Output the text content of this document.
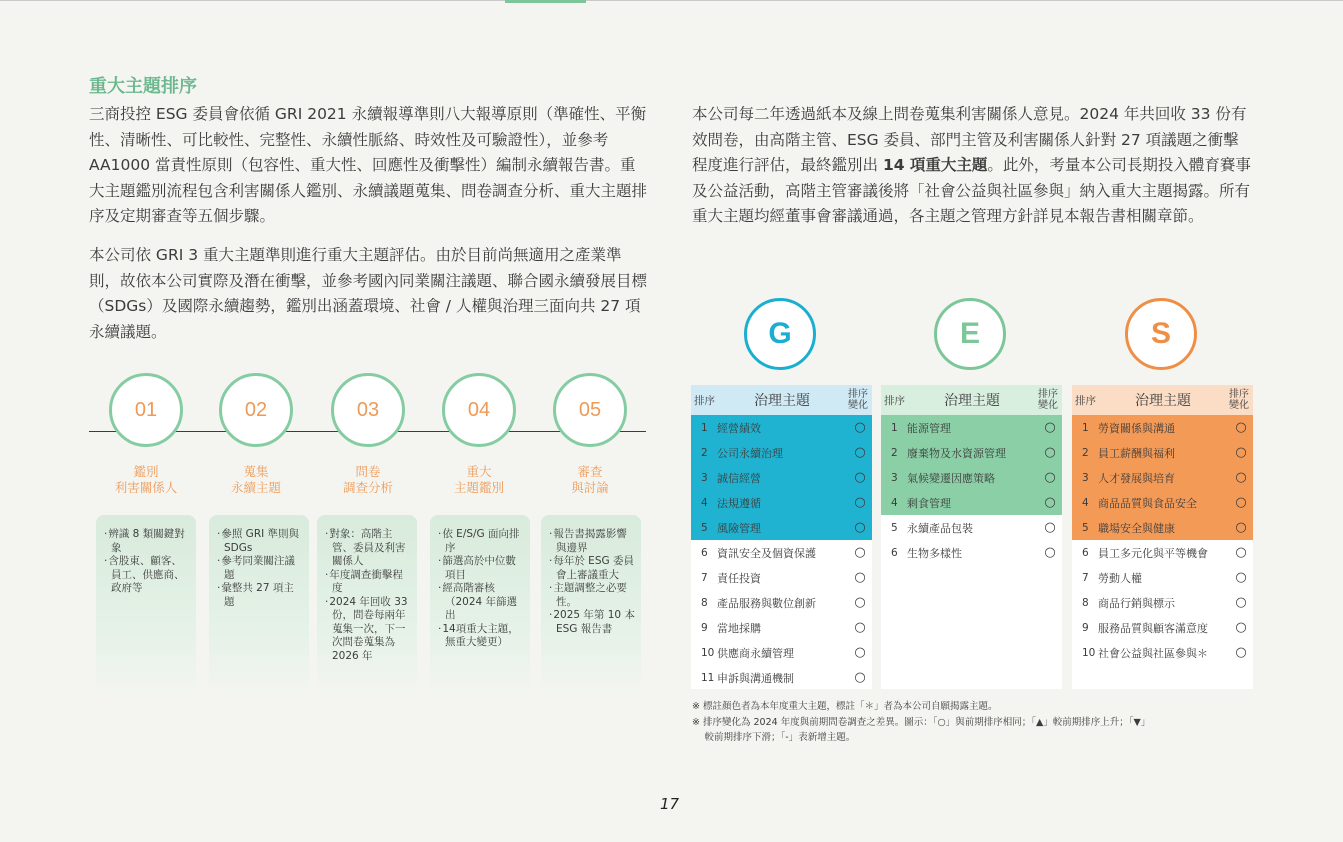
重大主題排序
三商投控 ESG 委員會依循 GRI 2021 永續報導準則八大報導原則（準確性、平衡性、清晰性、可比較性、完整性、永續性脈絡、時效性及可驗證性），並參考 AA1000 當責性原則（包容性、重大性、回應性及衝擊性）編制永續報告書。重大主題鑑別流程包含利害關係人鑑別、永續議題蒐集、問卷調查分析、重大主題排序及定期審查等五個步驟。
本公司依 GRI 3 重大主題準則進行重大主題評估。由於目前尚無適用之產業準則，故依本公司實際及潛在衝擊，並參考國內同業關注議題、聯合國永續發展目標（SDGs）及國際永續趨勢，鑑別出涵蓋環境、社會 / 人權與治理三面向共 27 項永續議題。
本公司每二年透過紙本及線上問卷蒐集利害關係人意見。2024 年共回收 33 份有效問卷，由高階主管、ESG 委員、部門主管及利害關係人針對 27 項議題之衝擊程度進行評估，最終鑑別出 14 項重大主題。此外，考量本公司長期投入體育賽事及公益活動，高階主管審議後將「社會公益與社區參與」納入重大主題揭露。所有重大主題均經董事會審議通過，各主題之管理方針詳見本報告書相關章節。
01
鑑別
利害關係人
· 辨識 8 類關鍵對象
· 含股東、顧客、員工、供應商、政府等
02
蒐集
永續主題
· 參照 GRI 準則與 SDGs
· 參考同業關注議題
· 彙整共 27 項主題
03
問卷
調查分析
· 對象：高階主管、委員及利害關係人
· 年度調查衝擊程度
· 2024 年回收 33 份，問卷每兩年蒐集一次，下一次問卷蒐集為 2026 年
04
重大
主題鑑別
· 依 E/S/G 面向排序
· 篩選高於中位數項目
· 經高階審核（2024 年篩選出
· 14項重大主題，無重大變更）
05
審查
與討論
· 報告書揭露影響與邊界
· 每年於 ESG 委員會上審議重大
· 主題調整之必要性。
· 2025 年第 10 本 ESG 報告書
G
排序	治理主題	排序
變化
1 經營績效	○
2 公司永續治理	○
3 誠信經營	○
4 法規遵循	○
5 風險管理	○
6 資訊安全及個資保護	○
7 責任投資	○
8 產品服務與數位創新	○
9 當地採購	○
10 供應商永續管理	○
11 申訴與溝通機制	○
E
排序	治理主題	排序
變化
1 能源管理	○
2 廢棄物及水資源管理	○
3 氣候變遷因應策略	○
4 剩食管理	○
5 永續產品包裝	○
6 生物多樣性	○
S
排序	治理主題	排序
變化
1 勞資關係與溝通	○
2 員工薪酬與福利	○
3 人才發展與培育	○
4 商品品質與食品安全	○
5 職場安全與健康	○
6 員工多元化與平等機會	○
7 勞動人權	○
8 商品行銷與標示	○
9 服務品質與顧客滿意度	○
10 社會公益與社區參與＊	○
※ 標註顏色者為本年度重大主題，標註「＊」者為本公司自願揭露主題。
※ 排序變化為 2024 年度與前期問卷調查之差異。圖示：「○」與前期排序相同；「▲」較前期排序上升；「▼」
　 較前期排序下滑；「-」表新增主題。
17
